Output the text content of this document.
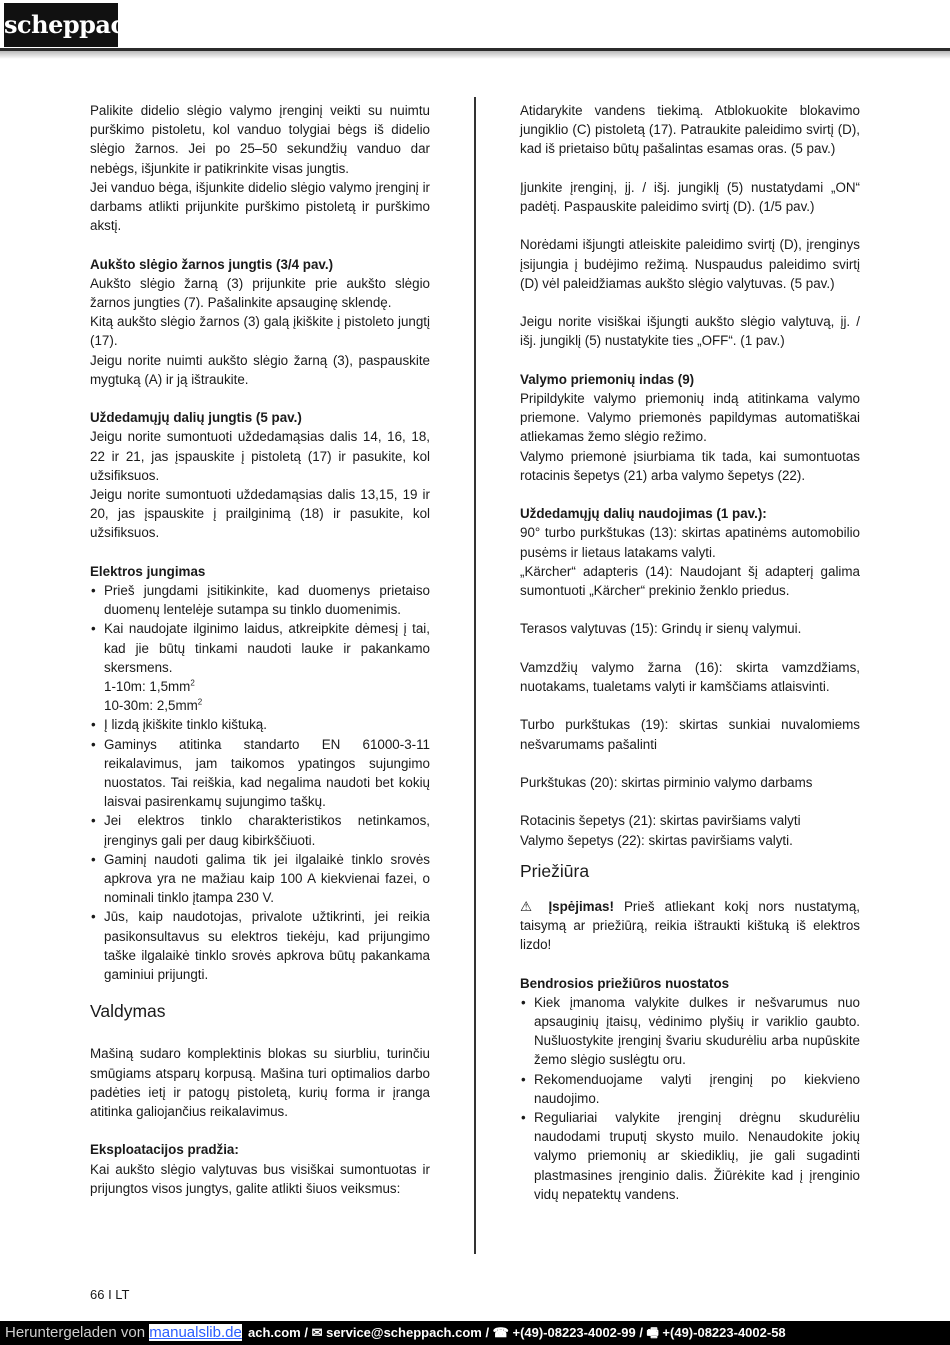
scheppach

Palikite didelio slėgio valymo įrenginį veikti su nuimtu purškimo pistoletu, kol vanduo tolygiai bėgs iš didelio slėgio žarnos. Jei po 25–50 sekundžių vanduo dar nebėgs, išjunkite ir patikrinkite visas jungtis.

Jei vanduo bėga, išjunkite didelio slėgio valymo įrenginį ir darbams atlikti prijunkite purškimo pistoletą ir purškimo akstį.

Aukšto slėgio žarnos jungtis (3/4 pav.)

Aukšto slėgio žarną (3) prijunkite prie aukšto slėgio žarnos jungties (7). Pašalinkite apsauginę sklendę.

Kitą aukšto slėgio žarnos (3) galą įkiškite į pistoleto jungtį (17).

Jeigu norite nuimti aukšto slėgio žarną (3), paspauskite mygtuką (A) ir ją ištraukite.

Uždedamųjų dalių jungtis (5 pav.)

Jeigu norite sumontuoti uždedamąsias dalis 14, 16, 18, 22 ir 21, jas įspauskite į pistoletą (17) ir pasukite, kol užsifiksuos.

Jeigu norite sumontuoti uždedamąsias dalis 13,15, 19 ir 20, jas įspauskite į prailginimą (18) ir pasukite, kol užsifiksuos.

Elektros jungimas

• Prieš jungdami įsitikinkite, kad duomenys prietaiso duomenų lentelėje sutampa su tinklo duomenimis.
• Kai naudojate ilginimo laidus, atkreipkite dėmesį į tai, kad jie būtų tinkami naudoti lauke ir pakankamo skersmens.
1-10m: $1,5mm^2$
10-30m: $2,5mm^2$
• Į lizdą įkiškite tinklo kištuką.
• Gaminys atitinka standarto EN 61000-3-11 reikalavimus, jam taikomos ypatingos sujungimo nuostatos. Tai reiškia, kad negalima naudoti bet kokių laisvai pasirenkamų sujungimo taškų.
• Jei elektros tinklo charakteristikos netinkamos, įrenginys gali per daug kibirkščiuoti.
• Gaminį naudoti galima tik jei ilgalaikė tinklo srovės apkrova yra ne mažiau kaip 100 A kiekvienai fazei, o nominali tinklo įtampa 230 V.
• Jūs, kaip naudotojas, privalote užtikrinti, jei reikia pasikonsultavus su elektros tiekėju, kad prijungimo taške ilgalaikė tinklo srovės apkrova būtų pakankama gaminiui prijungti.

Valdymas

Mašiną sudaro komplektinis blokas su siurbliu, turinčiu smūgiams atsparų korpusą. Mašina turi optimalios darbo padėties ietį ir patogų pistoletą, kurių forma ir įranga atitinka galiojančius reikalavimus.

Eksploatacijos pradžia:

Kai aukšto slėgio valytuvas bus visiškai sumontuotas ir prijungtos visos jungtys, galite atlikti šiuos veiksmus:

Atidarykite vandens tiekimą. Atblokuokite blokavimo jungiklio (C) pistoletą (17). Patraukite paleidimo svirtį (D), kad iš prietaiso būtų pašalintas esamas oras. (5 pav.)

Įjunkite įrenginį, įj. / išj. jungiklį (5) nustatydami „ON“ padėtį. Paspauskite paleidimo svirtį (D). (1/5 pav.)

Norėdami išjungti atleiskite paleidimo svirtį (D), įrenginys įsijungia į budėjimo režimą. Nuspaudus paleidimo svirtį (D) vėl paleidžiamas aukšto slėgio valytuvas. (5 pav.)

Jeigu norite visiškai išjungti aukšto slėgio valytuvą, įj. / išj. jungiklį (5) nustatykite ties „OFF“. (1 pav.)

Valymo priemonių indas (9)

Pripildykite valymo priemonių indą atitinkama valymo priemone. Valymo priemonės papildymas automatiškai atliekamas žemo slėgio režimo.

Valymo priemonė įsiurbiama tik tada, kai sumontuotas rotacinis šepetys (21) arba valymo šepetys (22).

Uždedamųjų dalių naudojimas (1 pav.):

90° turbo purkštukas (13): skirtas apatinėms automobilio pusėms ir lietaus latakams valyti.

„Kärcher“ adapteris (14): Naudojant šį adapterį galima sumontuoti „Kärcher“ prekinio ženklo priedus.

Terasos valytuvas (15): Grindų ir sienų valymui.

Vamzdžių valymo žarna (16): skirta vamzdžiams, nuotakams, tualetams valyti ir kamščiams atlaisvinti.

Turbo purkštukas (19): skirtas sunkiai nuvalomiems nešvarumams pašalinti

Purkštukas (20): skirtas pirminio valymo darbams

Rotacinis šepetys (21): skirtas paviršiams valyti

Valymo šepetys (22): skirtas paviršiams valyti.

Priežiūra

⚠ Įspėjimas! Prieš atliekant kokį nors nustatymą, taisymą ar priežiūrą, reikia ištraukti kištuką iš elektros lizdo!

Bendrosios priežiūros nuostatos

• Kiek įmanoma valykite dulkes ir nešvarumus nuo apsauginių įtaisų, vėdinimo plyšių ir variklio gaubto. Nušluostykite įrenginį švariu skudurėliu arba nupūskite žemo slėgio suslėgtu oru.
• Rekomenduojame valyti įrenginį po kiekvieno naudojimo.
• Reguliariai valykite įrenginį drėgnu skudurėliu naudodami truputį skysto muilo. Nenaudokite jokių valymo priemonių ar skiediklių, jie gali sugadinti plastmasines įrenginio dalis. Žiūrėkite kad į įrenginio vidų nepatektų vandens.
66 I LT
ach.com / ✉ service@scheppach.com / ☎ +(49)-08223-4002-99 / 🖷 +(49)-08223-4002-58
Heruntergeladen von manualslib.de
